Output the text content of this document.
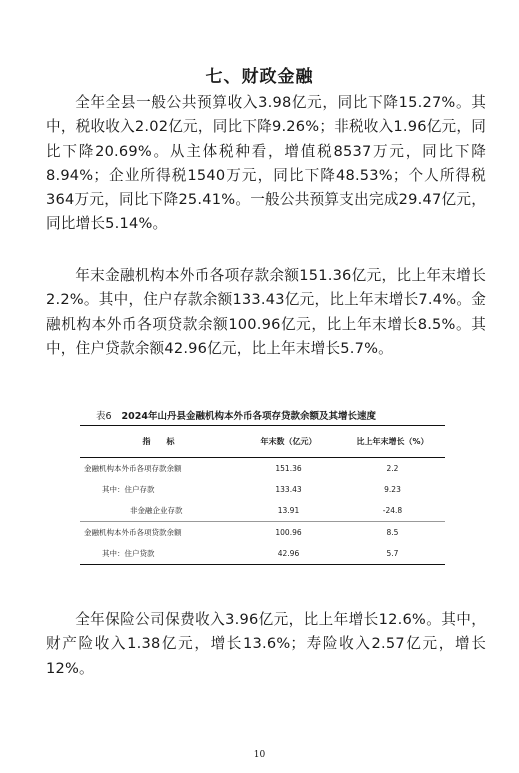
七、财政金融

全年全县一般公共预算收入3.98亿元，同比下降15.27%。其中，税收收入2.02亿元，同比下降9.26%；非税收入1.96亿元，同比下降20.69%。从主体税种看，增值税8537万元，同比下降8.94%；企业所得税1540万元，同比下降48.53%；个人所得税364万元，同比下降25.41%。一般公共预算支出完成29.47亿元，同比增长5.14%。

年末金融机构本外币各项存款余额151.36亿元，比上年末增长2.2%。其中，住户存款余额133.43亿元，比上年末增长7.4%。金融机构本外币各项贷款余额100.96亿元，比上年末增长8.5%。其中，住户贷款余额42.96亿元，比上年末增长5.7%。

表6 2024年山丹县金融机构本外币各项存贷款余额及其增长速度
指　　标	年末数（亿元）	比上年末增长（%）
金融机构本外币各项存款余额	151.36	2.2
其中：住户存款	133.43	9.23
非金融企业存款	13.91	-24.8
金融机构本外币各项贷款余额	100.96	8.5
其中：住户贷款	42.96	5.7

全年保险公司保费收入3.96亿元，比上年增长12.6%。其中，财产险收入1.38亿元，增长13.6%；寿险收入2.57亿元，增长12%。

10
